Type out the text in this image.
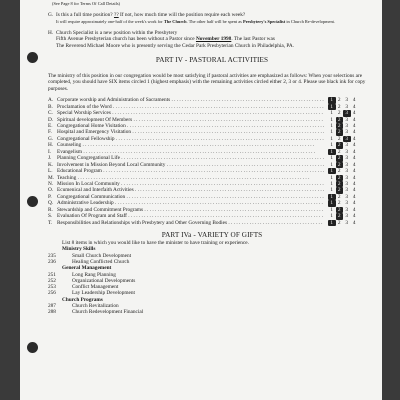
(See Page 8 for Terms Of Call Details)
G. Is this a full time position? ?? If not, how much time will the position require each week?
It will require approximately one-half of the week's work for The Church. The other half will be spent as Presbytery's Specialist in Church Re-development.
H. Church Specialist is a new position within the Presbytery
Fifth Avenue Presbyterian church has been without a Pastor since November 1998. The last Pastor was
The Reverend Michael Moore who is presently serving the Cedar Park Presbyterian Church in Philadelphia, PA.
PART IV - PASTORAL ACTIVITIES
The ministry of this position in our congregation would be most satisfying if pastoral activities are emphasized as follows: When your selections are completed, you should have SIX items circled 1 (highest emphasis) with the remaining activities circled either 2, 3 or 4. Please use black ink for copy purposes.
A. Corporate worship and Administration of Sacraments . . .	1 2 3 4
B. Proclamation of the Word . . .	1 2 3 4
C. Special Worship Services . . .	1 2 3 4
D. Spiritual development Of Members . . .	1 2 3 4
E. Congregational Home Visitation . . .	1 2 3 4
F. Hospital and Emergency Visitation . . .	1 2 3 4
G. Congregational Fellowship . . .	1 2 3 4
H. Counseling . . .	1 2 3 4
I.	Evangelism . . .	1 2 3 4
J.	Planning Congregational Life . . .	1 2 3 4
K. Involvement in Mission Beyond Local Community . . .	1 2 3 4
L. Educational Program . . .	1 2 3 4
M. Teaching . . .	1 2 3 4
N. Mission In Local Community . . .	1 2 3 4
O. Ecumenical and Interfaith Activities . . .	1 2 3 4
P.	Congregational Communication . . .	1 2 3 4
Q. Administrative Leadership . . .	1 2 3 4
R. Stewardship and Commitment Programs . . .	1 2 3 4
S. Evaluation Of Program and Staff . . .	1 2 3 4
T. Responsibilities and Relationships with Presbytery and Other Governing Bodies . . .	1 2 3 4
PART IVa - VARIETY OF GIFTS
List 8 items in which you would like to have the minister to have training or experience.
Ministry Skills
235	Small Church Development
236	Healing Conflicted Church
General Management
251	Long Rang Planning
252	Organizational Developments
253	Conflict Management
256	Lay Leadership Development
Church Programs
287	Church Revitalization
288	Church Redevelopment Financial
